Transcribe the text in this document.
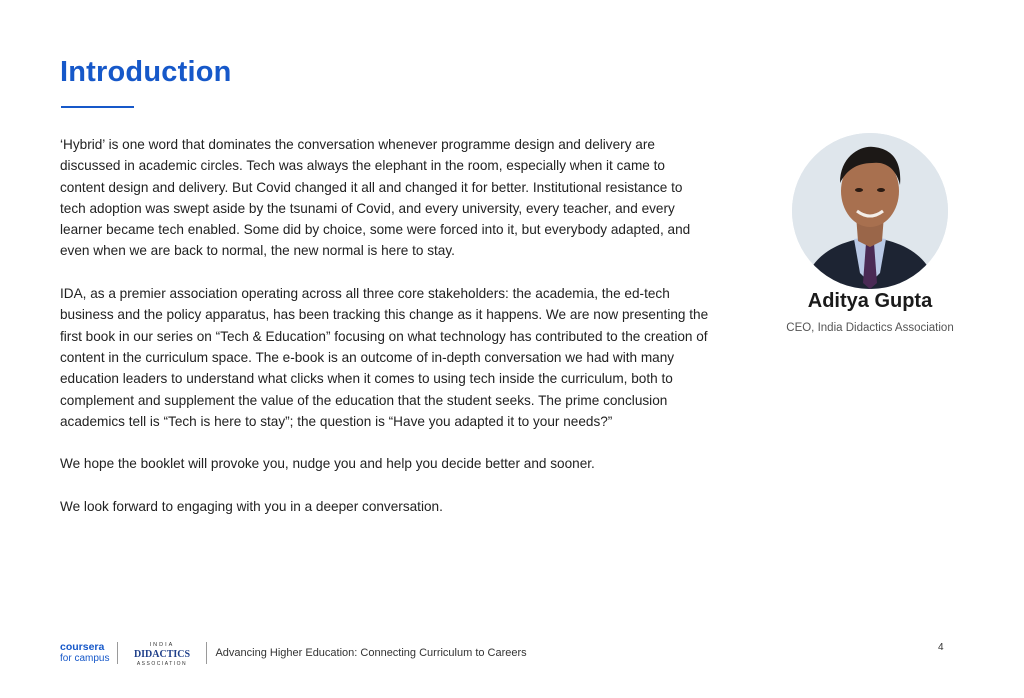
Introduction

‘Hybrid’ is one word that dominates the conversation whenever programme design and delivery are discussed in academic circles. Tech was always the elephant in the room, especially when it came to content design and delivery. But Covid changed it all and changed it for better. Institutional resistance to tech adoption was swept aside by the tsunami of Covid, and every university, every teacher, and every learner became tech enabled. Some did by choice, some were forced into it, but everybody adapted, and even when we are back to normal, the new normal is here to stay.

IDA, as a premier association operating across all three core stakeholders: the academia, the ed-tech business and the policy apparatus, has been tracking this change as it happens. We are now presenting the first book in our series on “Tech & Education” focusing on what technology has contributed to the creation of content in the curriculum space. The e-book is an outcome of in-depth conversation we had with many education leaders to understand what clicks when it comes to using tech inside the curriculum, both to complement and supplement the value of the education that the student seeks. The prime conclusion academics tell is “Tech is here to stay”; the question is “Have you adapted it to your needs?”

We hope the booklet will provoke you, nudge you and help you decide better and sooner.

We look forward to engaging with you in a deeper conversation.

Aditya Gupta
CEO, India Didactics Association
coursera
for campus
INDIA
DIDACTICS
ASSOCIATION
Advancing Higher Education: Connecting Curriculum to Careers	4
